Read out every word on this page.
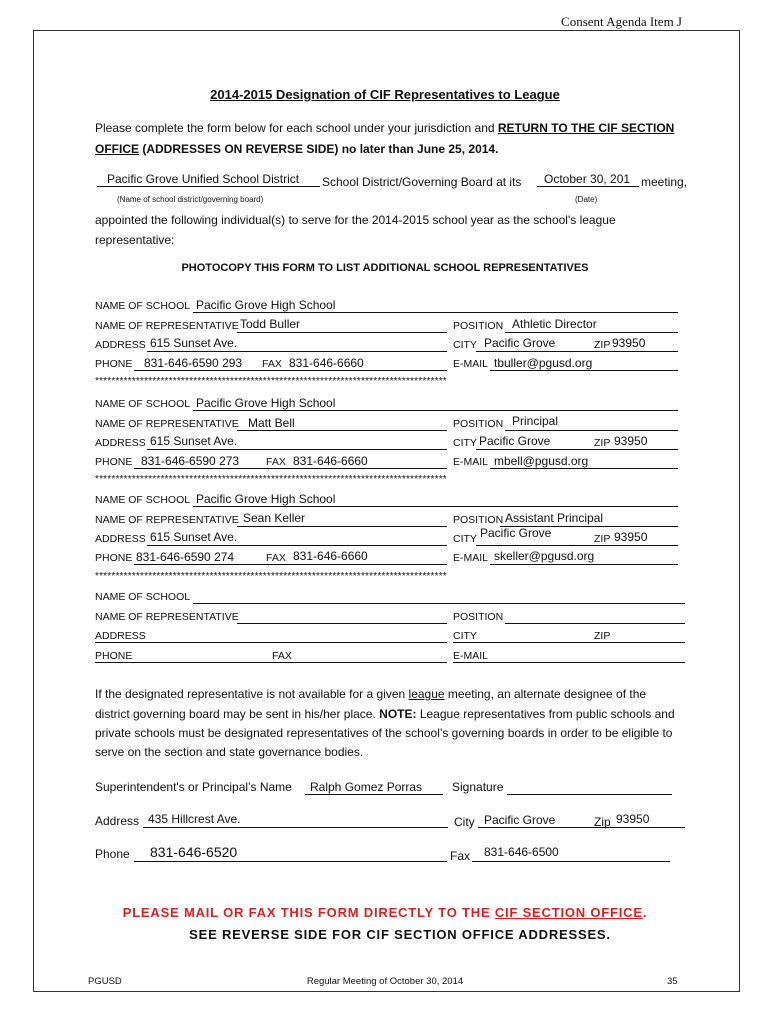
Consent Agenda Item J
2014-2015 Designation of CIF Representatives to League
Please complete the form below for each school under your jurisdiction and RETURN TO THE CIF SECTION
OFFICE (ADDRESSES ON REVERSE SIDE) no later than June 25, 2014.
Pacific Grove Unified School District School District/Governing Board at its October 30, 201 meeting,
(Name of school district/governing board)	(Date)
appointed the following individual(s) to serve for the 2014-2015 school year as the school's league
representative:
PHOTOCOPY THIS FORM TO LIST ADDITIONAL SCHOOL REPRESENTATIVES
NAME OF SCHOOL Pacific Grove High School
NAME OF REPRESENTATIVE Todd Buller	POSITION Athletic Director
ADDRESS 615 Sunset Ave.	CITY Pacific Grove	ZIP 93950
PHONE 831-646-6590 293 FAX 831-646-6660	E-MAIL tbuller@pgusd.org
**************************************************************************************
NAME OF SCHOOL Pacific Grove High School
NAME OF REPRESENTATIVE Matt Bell	POSITION Principal
ADDRESS 615 Sunset Ave.	CITY Pacific Grove	ZIP 93950
PHONE 831-646-6590 273	FAX 831-646-6660	E-MAIL mbell@pgusd.org
**************************************************************************************
NAME OF SCHOOL Pacific Grove High School
NAME OF REPRESENTATIVE Sean Keller	POSITION Assistant Principal
ADDRESS 615 Sunset Ave.	CITY Pacific Grove	ZIP 93950
PHONE 831-646-6590 274	FAX 831-646-6660	E-MAIL skeller@pgusd.org
**************************************************************************************
NAME OF SCHOOL
NAME OF REPRESENTATIVE	POSITION
ADDRESS	CITY	ZIP
PHONE	FAX	E-MAIL
If the designated representative is not available for a given league meeting, an alternate designee of the
district governing board may be sent in his/her place. NOTE: League representatives from public schools and
private schools must be designated representatives of the school’s governing boards in order to be eligible to
serve on the section and state governance bodies.
Superintendent's or Principal’s Name Ralph Gomez Porras Signature
Address 435 Hillcrest Ave.	City Pacific Grove	Zip 93950
Phone 831-646-6520	Fax 831-646-6500
PLEASE MAIL OR FAX THIS FORM DIRECTLY TO THE CIF SECTION OFFICE.
SEE REVERSE SIDE FOR CIF SECTION OFFICE ADDRESSES.
PGUSD	Regular Meeting of October 30, 2014	35
